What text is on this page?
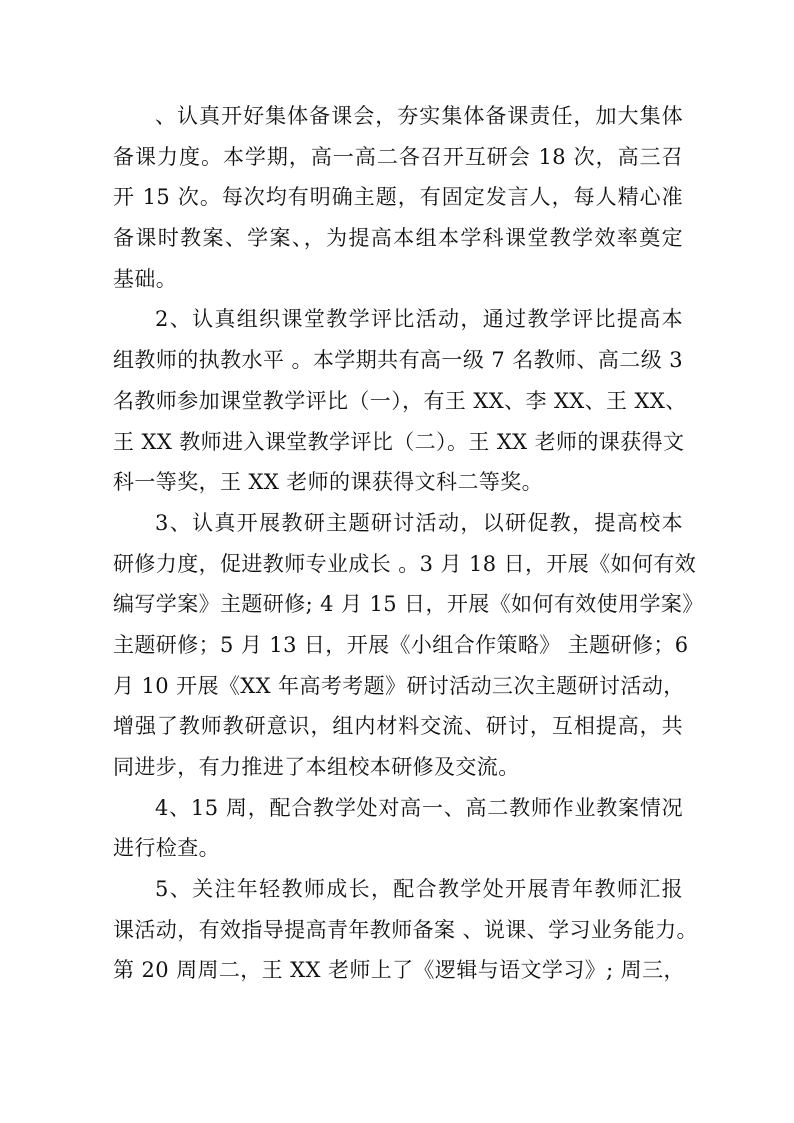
、认真开好集体备课会，夯实集体备课责任，加大集体
备课力度。本学期，高一高二各召开互研会 18 次，高三召
开 15 次。每次均有明确主题，有固定发言人，每人精心准
备课时教案、学案、，为提高本组本学科课堂教学效率奠定
基础。
2、认真组织课堂教学评比活动，通过教学评比提高本
组教师的执教水平 。本学期共有高一级 7 名教师、高二级 3
名教师参加课堂教学评比（一），有王 XX、李 XX、王 XX、
王 XX 教师进入课堂教学评比（二）。王 XX 老师的课获得文
科一等奖，王 XX 老师的课获得文科二等奖。
3、认真开展教研主题研讨活动，以研促教，提高校本
研修力度，促进教师专业成长 。3 月 18 日，开展《如何有效
编写学案》主题研修; 4 月 15 日，开展《如何有效使用学案》
主题研修；5 月 13 日，开展《小组合作策略》 主题研修；6
月 10 开展《XX 年高考考题》研讨活动三次主题研讨活动，
增强了教师教研意识，组内材料交流、研讨，互相提高，共
同进步，有力推进了本组校本研修及交流。
4、15 周，配合教学处对高一、高二教师作业教案情况
进行检查。
5、关注年轻教师成长，配合教学处开展青年教师汇报
课活动，有效指导提高青年教师备案 、说课、学习业务能力。
第 20 周周二，王 XX 老师上了《逻辑与语文学习》; 周三，
